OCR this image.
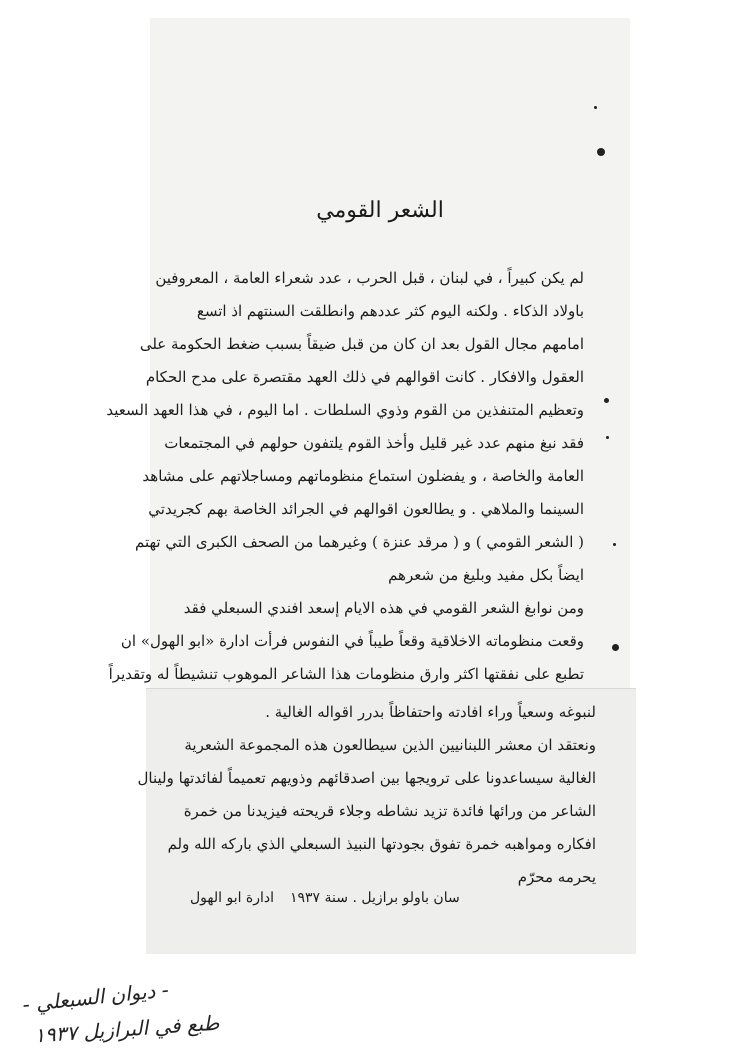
الشعر القومي
لم يكن كبيراً ، في لبنان ، قبل الحرب ، عدد شعراء العامة ، المعروفين
باولاد الذكاء . ولكنه اليوم كثر عددهم وانطلقت السنتهم اذ اتسع
امامهم مجال القول بعد ان كان من قبل ضيقاً بسبب ضغط الحكومة على
العقول والافكار . كانت اقوالهم في ذلك العهد مقتصرة على مدح الحكام
وتعظيم المتنفذين من القوم وذوي السلطات . اما اليوم ، في هذا العهد السعيد
فقد نبغ منهم عدد غير قليل وأخذ القوم يلتفون حولهم في المجتمعات
العامة والخاصة ، و يفضلون استماع منظوماتهم ومساجلاتهم على مشاهد
السينما والملاهي . و يطالعون اقوالهم في الجرائد الخاصة بهم كجريدتي
( الشعر القومي ) و ( مرقد عنزة ) وغيرهما من الصحف الكبرى التي تهتم
ايضاً بكل مفيد وبليغ من شعرهم
ومن نوابغ الشعر القومي في هذه الايام إسعد افندي السبعلي فقد
وقعت منظوماته الاخلاقية وقعاً طيباً في النفوس فرأت ادارة «ابو الهول» ان
تطبع على نفقتها اكثر وارق منظومات هذا الشاعر الموهوب تنشيطاً له وتقديراً
لنبوغه وسعياً وراء افادته واحتفاظاً بدرر اقواله الغالية .
ونعتقد ان معشر اللبنانيين الذين سيطالعون هذه المجموعة الشعرية
الغالية سيساعدونا على ترويجها بين اصدقائهم وذويهم تعميماً لفائدتها ولينال
الشاعر من ورائها فائدة تزيد نشاطه وجلاء قريحته فيزيدنا من خمرة
افكاره ومواهبه خمرة تفوق بجودتها النبيذ السبعلي الذي باركه الله ولم
يحرمه محرّم
ادارة ابو الهول سان باولو برازيل . سنة ١٩٣٧
- ديوان السبعلي -
طبع في البرازيل ١٩٣٧
